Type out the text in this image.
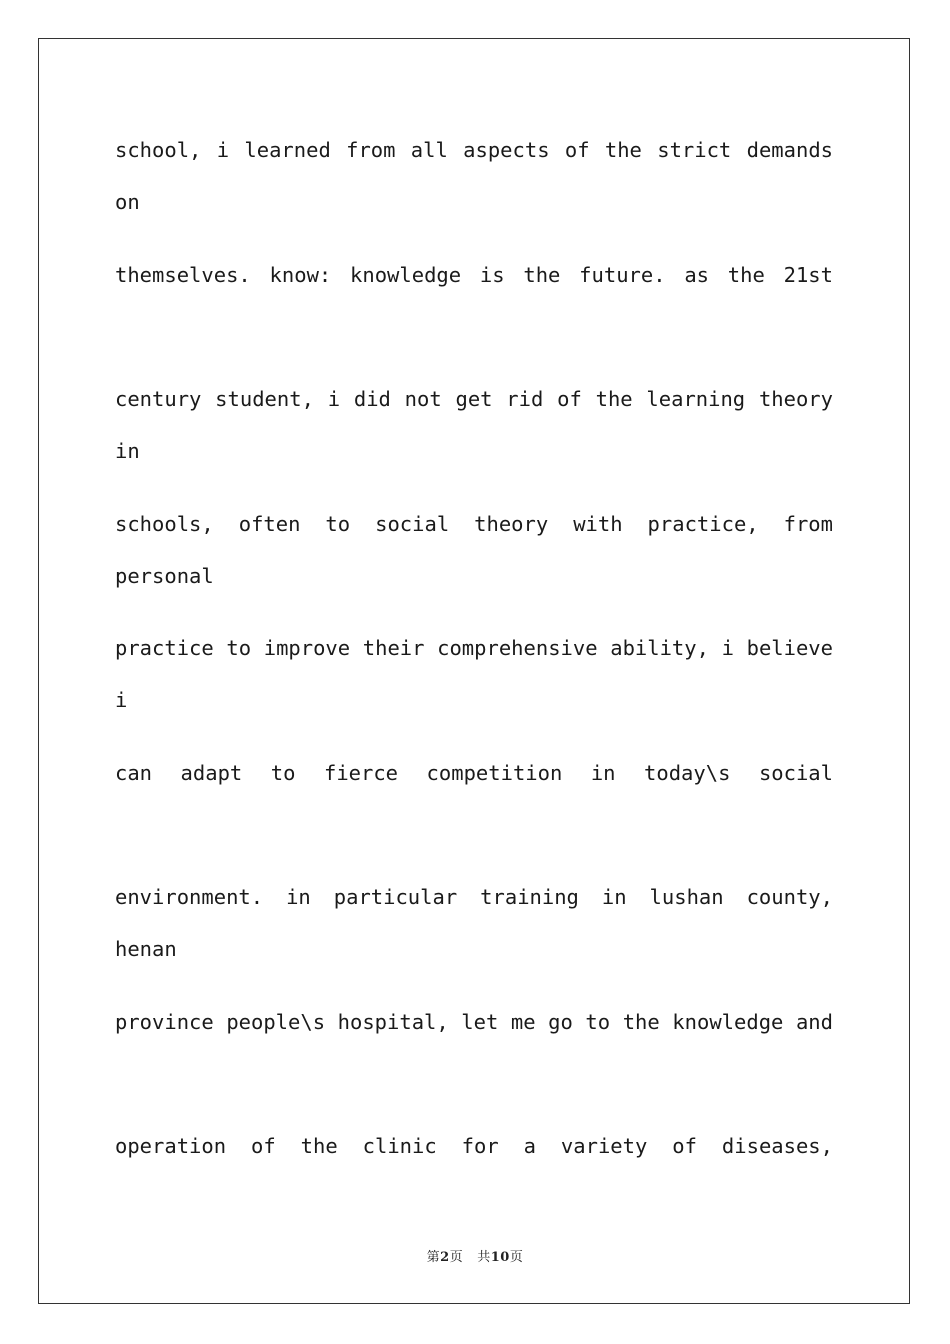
school, i learned from all aspects of the strict demands on
themselves. know: knowledge is the future. as the 21st
century student, i did not get rid of the learning theory in
schools, often to social theory with practice, from personal
practice to improve their comprehensive ability, i believe i
can adapt to fierce competition in today\s social
environment. in particular training in lushan county, henan
province people\s hospital, let me go to the knowledge and
operation of the clinic for a variety of diseases,
第2页 共10页
